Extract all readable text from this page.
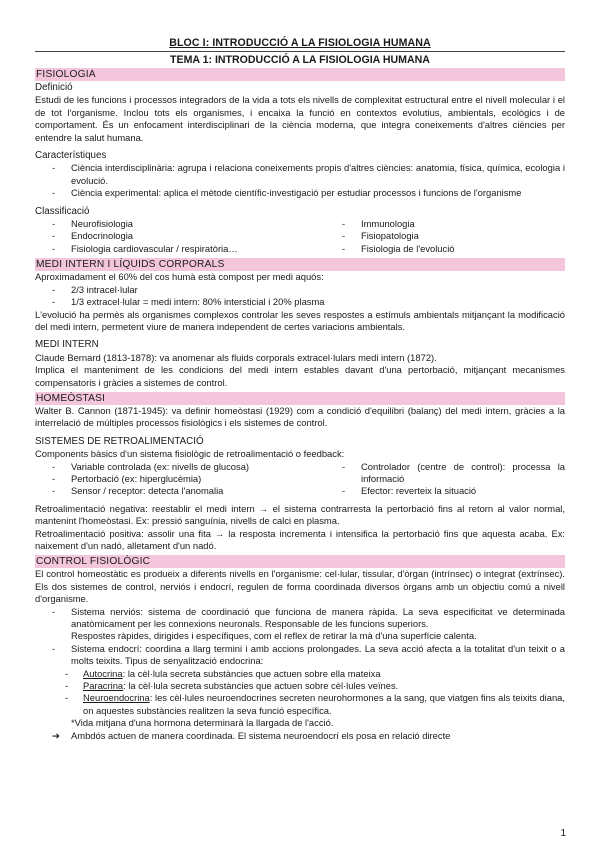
BLOC I: INTRODUCCIÓ A LA FISIOLOGIA HUMANA
TEMA 1: INTRODUCCIÓ A LA FISIOLOGIA HUMANA
FISIOLOGIA
Definició
Estudi de les funcions i processos integradors de la vida a tots els nivells de complexitat estructural entre el nivell molecular i el de tot l'organisme. Inclou tots els organismes, i encaixa la funció en contextos evolutius, ambientals, ecològics i de comportament. És un enfocament interdisciplinari de la ciència moderna, que integra coneixements d'altres ciències per entendre la salut humana.
Característiques
- Ciència interdisciplinària: agrupa i relaciona coneixements propis d'altres ciències: anatomia, física, química, ecologia i evolució.
- Ciència experimental: aplica el mètode científic-investigació per estudiar processos i funcions de l'organisme
Classificació
- Neurofisiologia
- Endocrinologia
- Fisiologia cardiovascular / respiratòria…
- Immunologia
- Fisiopatologia
- Fisiologia de l'evolució
MEDI INTERN I LÍQUIDS CORPORALS
Aproximadament el 60% del cos humà està compost per medi aquós:
- 2/3 intracel·lular
- 1/3 extracel·lular = medi intern: 80% intersticial i 20% plasma
L'evolució ha permès als organismes complexos controlar les seves respostes a estímuls ambientals mitjançant la modificació del medi intern, permetent viure de manera independent de certes variacions ambientals.
MEDI INTERN
Claude Bernard (1813-1878): va anomenar als fluids corporals extracel·lulars medi intern (1872).
Implica el manteniment de les condicions del medi intern estables davant d'una pertorbació, mitjançant mecanismes compensatoris i gràcies a sistemes de control.
HOMEÒSTASI
Walter B. Cannon (1871-1945): va definir homeòstasi (1929) com a condició d'equilibri (balanç) del medi intern, gràcies a la interrelació de múltiples processos fisiològics i els sistemes de control.
SISTEMES DE RETROALIMENTACIÓ
Components bàsics d'un sistema fisiològic de retroalimentació o feedback:
- Variable controlada (ex: nivells de glucosa)
- Pertorbació (ex: hiperglucèmia)
- Sensor / receptor: detecta l'anomalia
- Controlador (centre de control): processa la informació
- Efector: reverteix la situació
Retroalimentació negativa: reestablir el medi intern → el sistema contrarresta la pertorbació fins al retorn al valor normal, mantenint l'homeòstasi. Ex: pressió sanguínia, nivells de calci en plasma.
Retroalimentació positiva: assolir una fita → la resposta incrementa i intensifica la pertorbació fins que aquesta acaba. Ex: naixement d'un nadó, alletament d'un nadó.
CONTROL FISIOLÒGIC
El control homeostàtic es produeix a diferents nivells en l'organisme: cel·lular, tissular, d'òrgan (intrínsec) o integrat (extrínsec). Els dos sistemes de control, nerviós i endocrí, regulen de forma coordinada diversos òrgans amb un objectiu comú a nivell d'organisme.
- Sistema nerviós: sistema de coordinació que funciona de manera ràpida. La seva especificitat ve determinada anatòmicament per les connexions neuronals. Responsable de les funcions superiors.
Respostes ràpides, dirigides i específiques, com el reflex de retirar la mà d'una superfície calenta.
- Sistema endocrí: coordina a llarg termini i amb accions prolongades. La seva acció afecta a la totalitat d'un teixit o a molts teixits. Tipus de senyalització endocrina:
- Autocrina: la cèl·lula secreta substàncies que actuen sobre ella mateixa
- Paracrina: la cèl·lula secreta substàncies que actuen sobre cèl·lules veïnes.
- Neuroendocrina: les cèl·lules neuroendocrines secreten neurohormones a la sang, que viatgen fins als teixits diana, on aquestes substàncies realitzen la seva funció específica.
*Vida mitjana d'una hormona determinarà la llargada de l'acció.
➔ Ambdós actuen de manera coordinada. El sistema neuroendocrí els posa en relació directe
1
